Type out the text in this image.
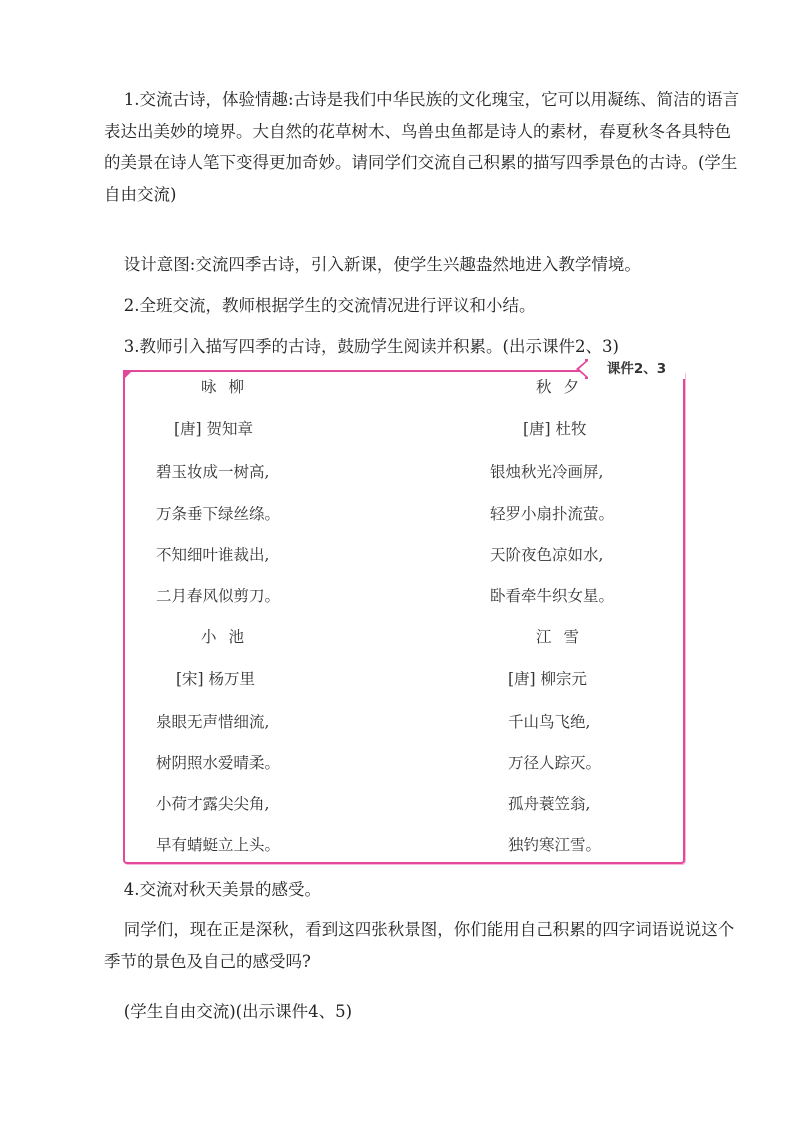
1.交流古诗，体验情趣:古诗是我们中华民族的文化瑰宝，它可以用凝练、简洁的语言表达出美妙的境界。大自然的花草树木、鸟兽虫鱼都是诗人的素材，春夏秋冬各具特色的美景在诗人笔下变得更加奇妙。请同学们交流自己积累的描写四季景色的古诗。(学生自由交流)

设计意图:交流四季古诗，引入新课，使学生兴趣盎然地进入教学情境。

2.全班交流，教师根据学生的交流情况进行评议和小结。

3.教师引入描写四季的古诗，鼓励学生阅读并积累。(出示课件2、3)

课件2、3
咏柳
[唐] 贺知章
碧玉妆成一树高,
万条垂下绿丝绦。
不知细叶谁裁出,
二月春风似剪刀。
秋夕
[唐] 杜牧
银烛秋光冷画屏,
轻罗小扇扑流萤。
天阶夜色凉如水,
卧看牵牛织女星。
小池
[宋] 杨万里
泉眼无声惜细流,
树阴照水爱晴柔。
小荷才露尖尖角,
早有蜻蜓立上头。
江雪
[唐] 柳宗元
千山鸟飞绝,
万径人踪灭。
孤舟蓑笠翁,
独钓寒江雪。

4.交流对秋天美景的感受。

同学们，现在正是深秋，看到这四张秋景图，你们能用自己积累的四字词语说说这个季节的景色及自己的感受吗?

(学生自由交流)(出示课件4、5)
